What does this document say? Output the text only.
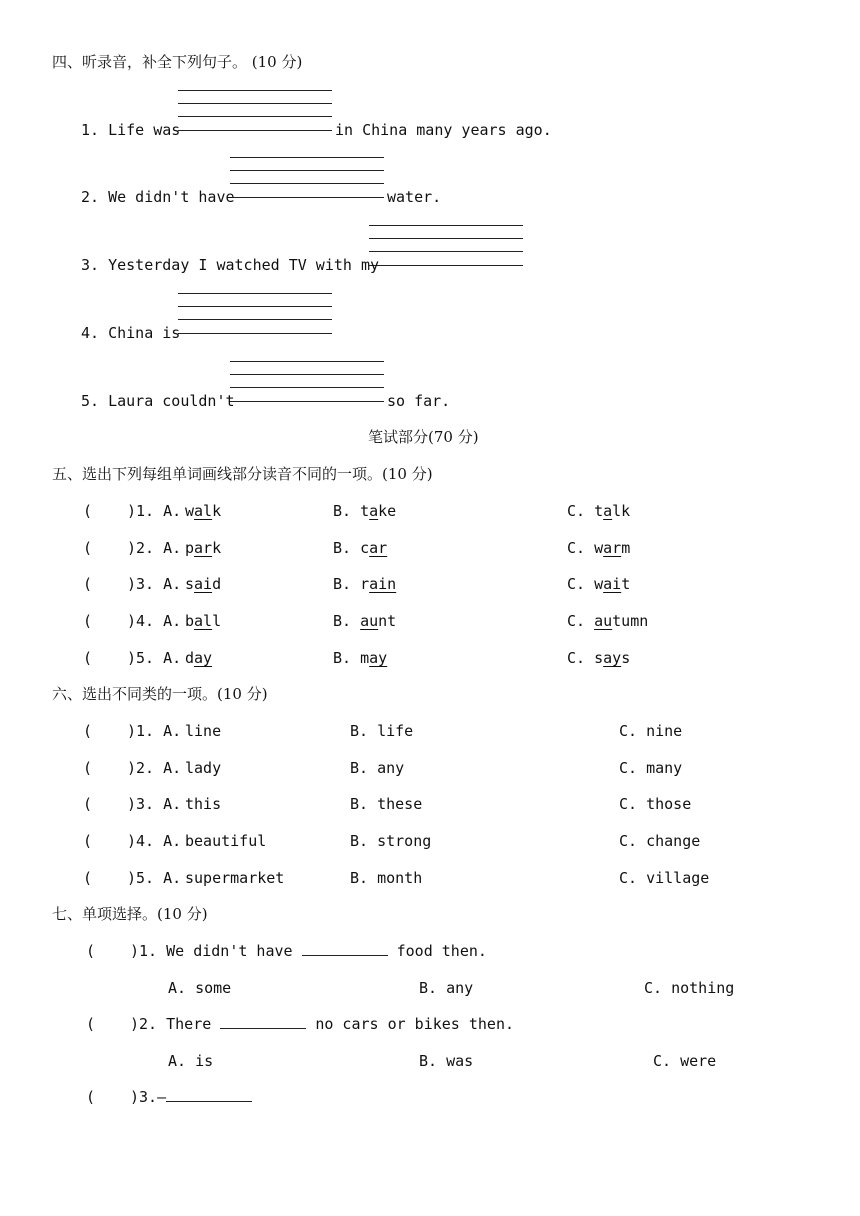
四、听录音，补全下列句子。 (10 分)
1. Life was	in China many years ago.
2. We didn't have	water.
3. Yesterday I watched TV with my
4. China is
5. Laura couldn't	so far.
笔试部分(70 分)
五、选出下列每组单词画线部分读音不同的一项。(10 分)
( )1. A. walk	B. take	C. talk
( )2. A. park	B. car	C. warm
( )3. A. said	B. rain	C. wait
( )4. A. ball	B. aunt	C. autumn
( )5. A. day	B. may	C. says
六、选出不同类的一项。(10 分)
( )1. A. line	B. life	C. nine
( )2. A. lady	B. any	C. many
( )3. A. this	B. these	C. those
( )4. A. beautiful	B. strong	C. change
( )5. A. supermarket	B. month	C. village
七、单项选择。(10 分)
( )1. We didn't have	food then.
A. some	B. any	C. nothing
( )2. There	no cars or bikes then.
A. is	B. was	C. were
( )3.—
